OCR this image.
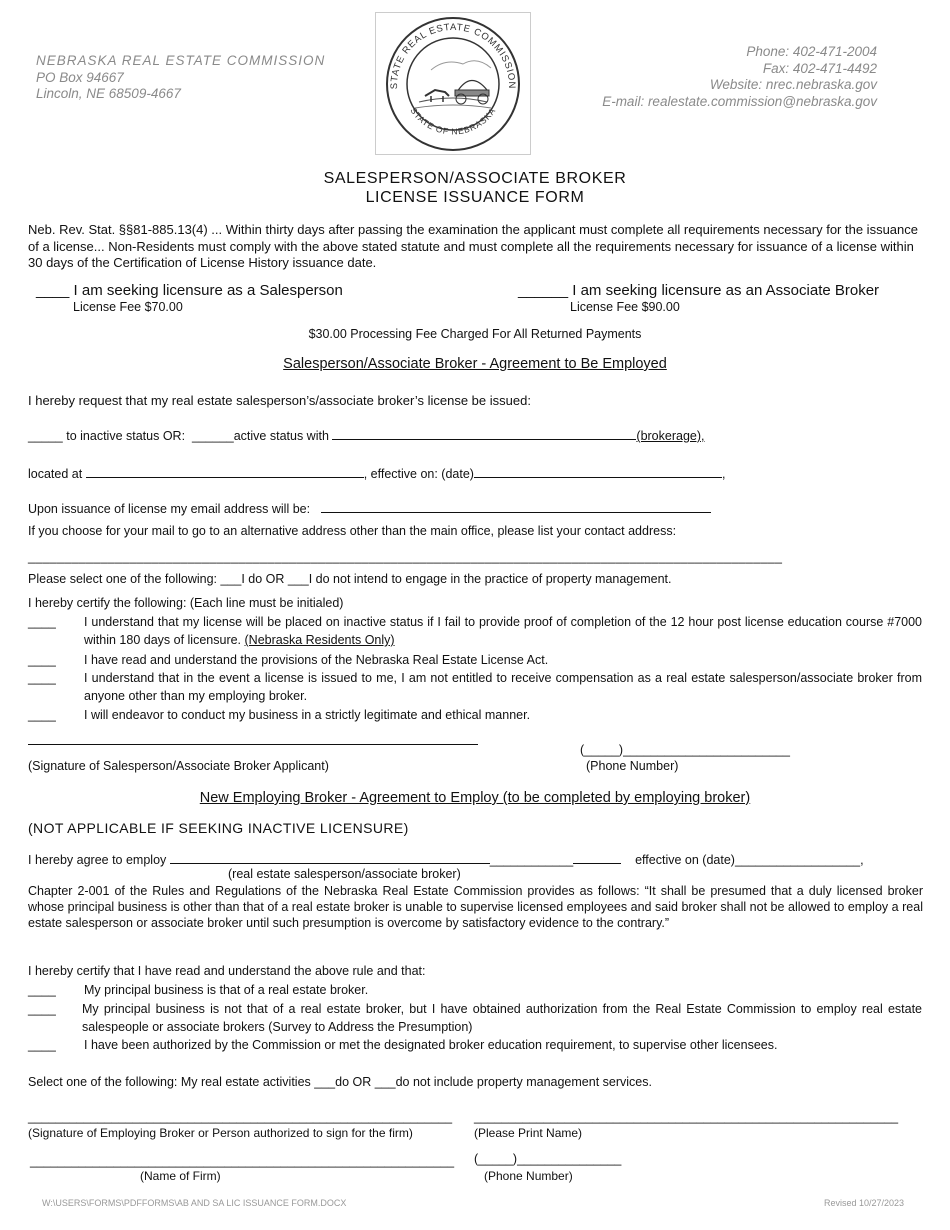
NEBRASKA REAL ESTATE COMMISSION
PO Box 94667
Lincoln, NE 68509-4667
STATE REAL ESTATE COMMISSION
STATE OF NEBRASKA
Phone: 402-471-2004
Fax: 402-471-4492
Website: nrec.nebraska.gov
E-mail: realestate.commission@nebraska.gov
SALESPERSON/ASSOCIATE BROKER
LICENSE ISSUANCE FORM
Neb. Rev. Stat. §§81-885.13(4) ... Within thirty days after passing the examination the applicant must complete all requirements necessary for the issuance of a license... Non-Residents must comply with the above stated statute and must complete all the requirements necessary for issuance of a license within 30 days of the Certification of License History issuance date.
____ I am seeking licensure as a Salesperson
License Fee $70.00
______ I am seeking licensure as an Associate Broker
License Fee $90.00
$30.00 Processing Fee Charged For All Returned Payments
Salesperson/Associate Broker - Agreement to Be Employed
I hereby request that my real estate salesperson’s/associate broker’s license be issued:
_____ to inactive status OR: ______active status with	(brokerage),
located at	, effective on: (date)	,
Upon issuance of license my email address will be:
If you choose for your mail to go to an alternative address other than the main office, please list your contact address:
________________________________________________________________________________________________________
Please select one of the following: ___I do OR ___I do not intend to engage in the practice of property management.
I hereby certify the following: (Each line must be initialed)
____	I understand that my license will be placed on inactive status if I fail to provide proof of completion of the 12 hour post license education course #7000 within 180 days of licensure. (Nebraska Residents Only)
____	I have read and understand the provisions of the Nebraska Real Estate License Act.
____	I understand that in the event a license is issued to me, I am not entitled to receive compensation as a real estate salesperson/associate broker from anyone other than my employing broker.
____	I will endeavor to conduct my business in a strictly legitimate and ethical manner.
(_____)________________________
(Signature of Salesperson/Associate Broker Applicant)	(Phone Number)
New Employing Broker - Agreement to Employ (to be completed by employing broker)
(NOT APPLICABLE IF SEEKING INACTIVE LICENSURE)
I hereby agree to employ	____________	effective on (date)__________________,
(real estate salesperson/associate broker)
Chapter 2-001 of the Rules and Regulations of the Nebraska Real Estate Commission provides as follows: “It shall be presumed that a duly licensed broker whose principal business is other than that of a real estate broker is unable to supervise licensed employees and said broker shall not be allowed to employ a real estate salesperson or associate broker until such presumption is overcome by satisfactory evidence to the contrary.”
I hereby certify that I have read and understand the above rule and that:
____	My principal business is that of a real estate broker.
____	My principal business is not that of a real estate broker, but I have obtained authorization from the Real Estate Commission to employ real estate salespeople or associate brokers (Survey to Address the Presumption)
____	I have been authorized by the Commission or met the designated broker education requirement, to supervise other licensees.
Select one of the following: My real estate activities ___do OR ___do not include property management services.
_____________________________________________________________ _____________________________________________________________
(Signature of Employing Broker or Person authorized to sign for the firm)	(Please Print Name)
_____________________________________________________________ (_____)_______________
(Name of Firm)	(Phone Number)
W:\USERS\FORMS\PDFFORMS\AB AND SA LIC ISSUANCE FORM.DOCX	Revised 10/27/2023
